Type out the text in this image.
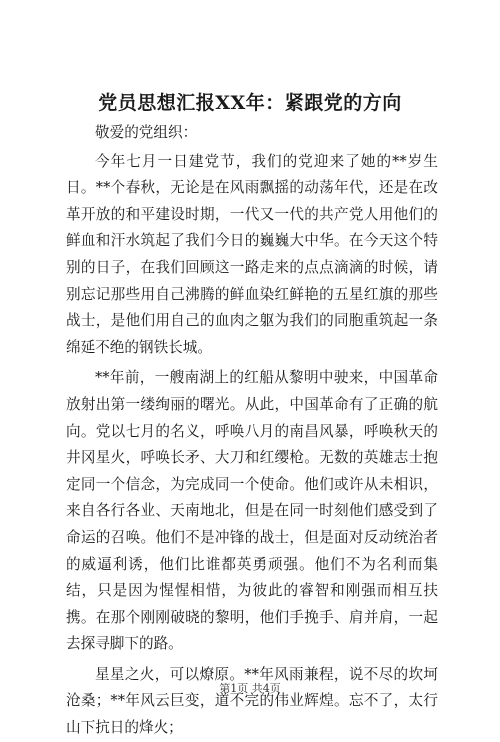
党员思想汇报XX年：紧跟党的方向

敬爱的党组织：

今年七月一日建党节，我们的党迎来了她的**岁生日。**个春秋，无论是在风雨飘摇的动荡年代，还是在改革开放的和平建设时期，一代又一代的共产党人用他们的鲜血和汗水筑起了我们今日的巍巍大中华。在今天这个特别的日子，在我们回顾这一路走来的点点滴滴的时候，请别忘记那些用自己沸腾的鲜血染红鲜艳的五星红旗的那些战士，是他们用自己的血肉之躯为我们的同胞重筑起一条绵延不绝的钢铁长城。

**年前，一艘南湖上的红船从黎明中驶来，中国革命放射出第一缕绚丽的曙光。从此，中国革命有了正确的航向。党以七月的名义，呼唤八月的南昌风暴，呼唤秋天的井冈星火，呼唤长矛、大刀和红缨枪。无数的英雄志士抱定同一个信念，为完成同一个使命。他们或许从未相识，来自各行各业、天南地北，但是在同一时刻他们感受到了命运的召唤。他们不是冲锋的战士，但是面对反动统治者的威逼利诱，他们比谁都英勇顽强。他们不为名利而集结，只是因为惺惺相惜，为彼此的睿智和刚强而相互扶携。在那个刚刚破晓的黎明，他们手挽手、肩并肩，一起去探寻脚下的路。

星星之火，可以燎原。**年风雨兼程，说不尽的坎坷沧桑；**年风云巨变，道不完的伟业辉煌。忘不了，太行山下抗日的烽火；

第1页 共4页
